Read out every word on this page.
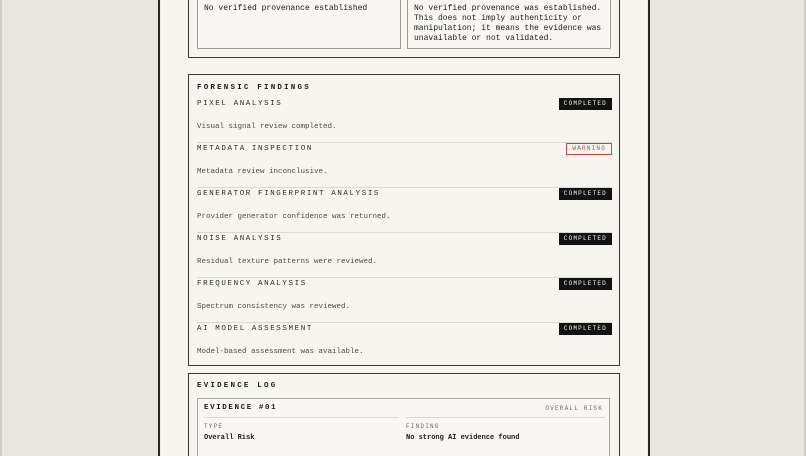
No verified provenance established	No verified provenance was established. This does not imply authenticity or manipulation; it means the evidence was unavailable or not validated.
FORENSIC FINDINGS
PIXEL ANALYSIS	COMPLETED
Visual signal review completed.
METADATA INSPECTION	WARNING
Metadata review inconclusive.
GENERATOR FINGERPRINT ANALYSIS	COMPLETED
Provider generator confidence was returned.
NOISE ANALYSIS	COMPLETED
Residual texture patterns were reviewed.
FREQUENCY ANALYSIS	COMPLETED
Spectrum consistency was reviewed.
AI MODEL ASSESSMENT	COMPLETED
Model-based assessment was available.
EVIDENCE LOG
EVIDENCE #01	OVERALL RISK
TYPE
Overall Risk
FINDING
No strong AI evidence found
